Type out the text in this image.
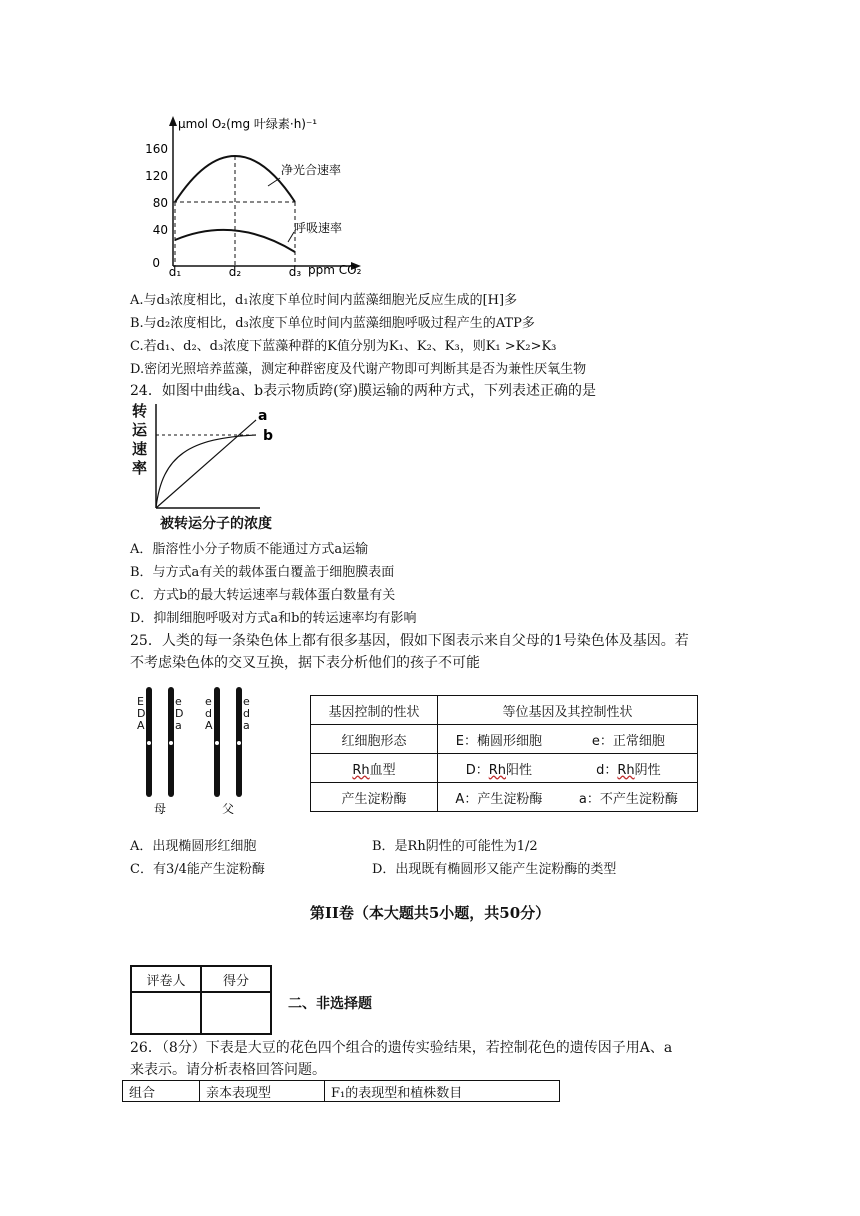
μmol O₂(mg 叶绿素·h)⁻¹
160
120
80
40
0
净光合速率
呼吸速率
d₁	d₂	d₃ ppm CO₂
A.与d₃浓度相比，d₁浓度下单位时间内蓝藻细胞光反应生成的[H]多
B.与d₂浓度相比，d₃浓度下单位时间内蓝藻细胞呼吸过程产生的ATP多
C.若d₁、d₂、d₃浓度下蓝藻种群的K值分别为K₁、K₂、K₃，则K₁ >K₂>K₃
D.密闭光照培养蓝藻，测定种群密度及代谢产物即可判断其是否为兼性厌氧生物
24．如图中曲线a、b表示物质跨(穿)膜运输的两种方式，下列表述正确的是
转运速率
a
b
被转运分子的浓度
A．脂溶性小分子物质不能通过方式a运输
B．与方式a有关的载体蛋白覆盖于细胞膜表面
C．方式b的最大转运速率与载体蛋白数量有关
D．抑制细胞呼吸对方式a和b的转运速率均有影响
25．人类的每一条染色体上都有很多基因，假如下图表示来自父母的1号染色体及基因。若
不考虑染色体的交叉互换，据下表分析他们的孩子不可能
E
D
A
e
D
a
e
d
A
e
d
a
母	父
基因控制的性状	等位基因及其控制性状	
红细胞形态	E：椭圆形细胞	e：正常细胞
Rh血型	D：Rh阳性	d：Rh阴性
产生淀粉酶	A：产生淀粉酶	a：不产生淀粉酶
A．出现椭圆形红细胞	B．是Rh阴性的可能性为1/2
C．有3/4能产生淀粉酶	D．出现既有椭圆形又能产生淀粉酶的类型
第II卷（本大题共5小题，共50分）
评卷人	得分

二、非选择题
26．（8分）下表是大豆的花色四个组合的遗传实验结果，若控制花色的遗传因子用A、a
来表示。请分析表格回答问题。
组合	亲本表现型	F₁的表现型和植株数目
